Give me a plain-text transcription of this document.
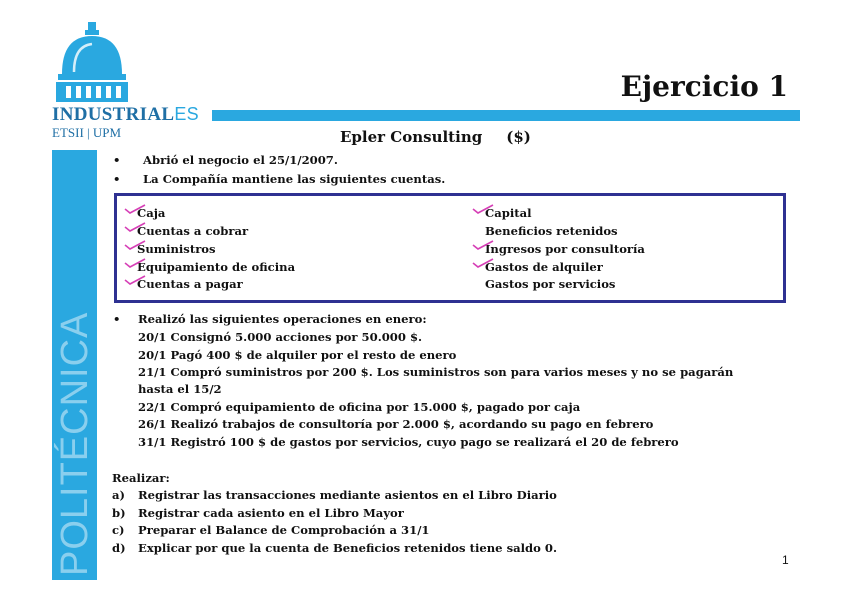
INDUSTRIALES
ETSII | UPM
POLITÉCNICA
Ejercicio 1
Epler Consulting ($)
• Abrió el negocio el 25/1/2007.
• La Compañía mantiene las siguientes cuentas.
Caja
Cuentas a cobrar
Suministros
Equipamiento de oficina
Cuentas a pagar
Capital
Beneficios retenidos
Ingresos por consultoría
Gastos de alquiler
Gastos por servicios
• Realizó las siguientes operaciones en enero:
20/1 Consignó 5.000 acciones por 50.000 $.
20/1 Pagó 400 $ de alquiler por el resto de enero
21/1 Compró suministros por 200 $. Los suministros son para varios meses y no se pagarán
hasta el 15/2
22/1 Compró equipamiento de oficina por 15.000 $, pagado por caja
26/1 Realizó trabajos de consultoría por 2.000 $, acordando su pago en febrero
31/1 Registró 100 $ de gastos por servicios, cuyo pago se realizará el 20 de febrero
Realizar:
a) Registrar las transacciones mediante asientos en el Libro Diario
b) Registrar cada asiento en el Libro Mayor
c) Preparar el Balance de Comprobación a 31/1
d) Explicar por que la cuenta de Beneficios retenidos tiene saldo 0.
1
